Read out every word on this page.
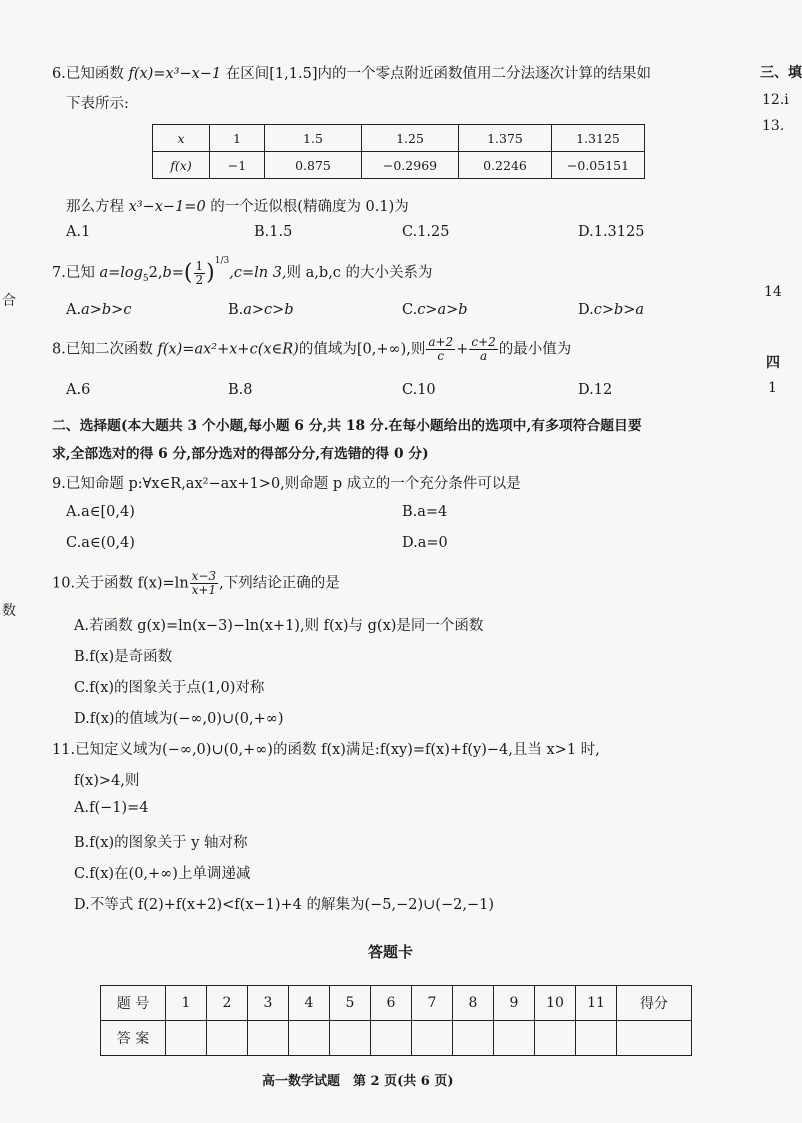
6.已知函数 f(x)=x³−x−1 在区间[1,1.5]内的一个零点附近函数值用二分法逐次计算的结果如
下表所示:
x	1	1.5	1.25	1.375	1.3125
f(x)	−1	0.875	−0.2969	0.2246	−0.05151
那么方程 x³−x−1=0 的一个近似根(精确度为 0.1)为
A.1	B.1.5	C.1.25	D.1.3125
7.已知 $a=\log_52,b=( \frac{1}{2} )^{1/3},c=\ln$ 3,则 a,b,c 的大小关系为
A.a>b>c	B.a>c>b	C.c>a>b	D.c>b>a
8.已知二次函数 f(x)=ax²+x+c(x∈R)的值域为[0,+∞),则 $\frac{a+2}{c} + \frac{c+2}{a}$ 的最小值为
A.6	B.8	C.10	D.12
二、选择题(本大题共 3 个小题,每小题 6 分,共 18 分.在每小题给出的选项中,有多项符合题目要
求,全部选对的得 6 分,部分选对的得部分分,有选错的得 0 分)
9.已知命题 p:∀x∈R,ax²−ax+1>0,则命题 p 成立的一个充分条件可以是
A.a∈[0,4)	B.a=4
C.a∈(0,4)	D.a=0
10.关于函数 $f(x)=\ln \frac{x-3}{x+1}$ ,下列结论正确的是
A.若函数 g(x)=ln(x−3)−ln(x+1),则 f(x)与 g(x)是同一个函数
B.f(x)是奇函数
C.f(x)的图象关于点(1,0)对称
D.f(x)的值域为(−∞,0)∪(0,+∞)
11.已知定义域为(−∞,0)∪(0,+∞)的函数 f(x)满足:f(xy)=f(x)+f(y)−4,且当 x>1 时,
f(x)>4,则
A.f(−1)=4
B.f(x)的图象关于 y 轴对称
C.f(x)在(0,+∞)上单调递减
D.不等式 f(2)+f(x+2)<f(x−1)+4 的解集为(−5,−2)∪(−2,−1)
答题卡
题 号	1	2	3	4	5	6	7	8	9	10	11	得分
答 案												
高一数学试题　第 2 页(共 6 页)
合
数
三、填
12.i
13.
14
四
1
